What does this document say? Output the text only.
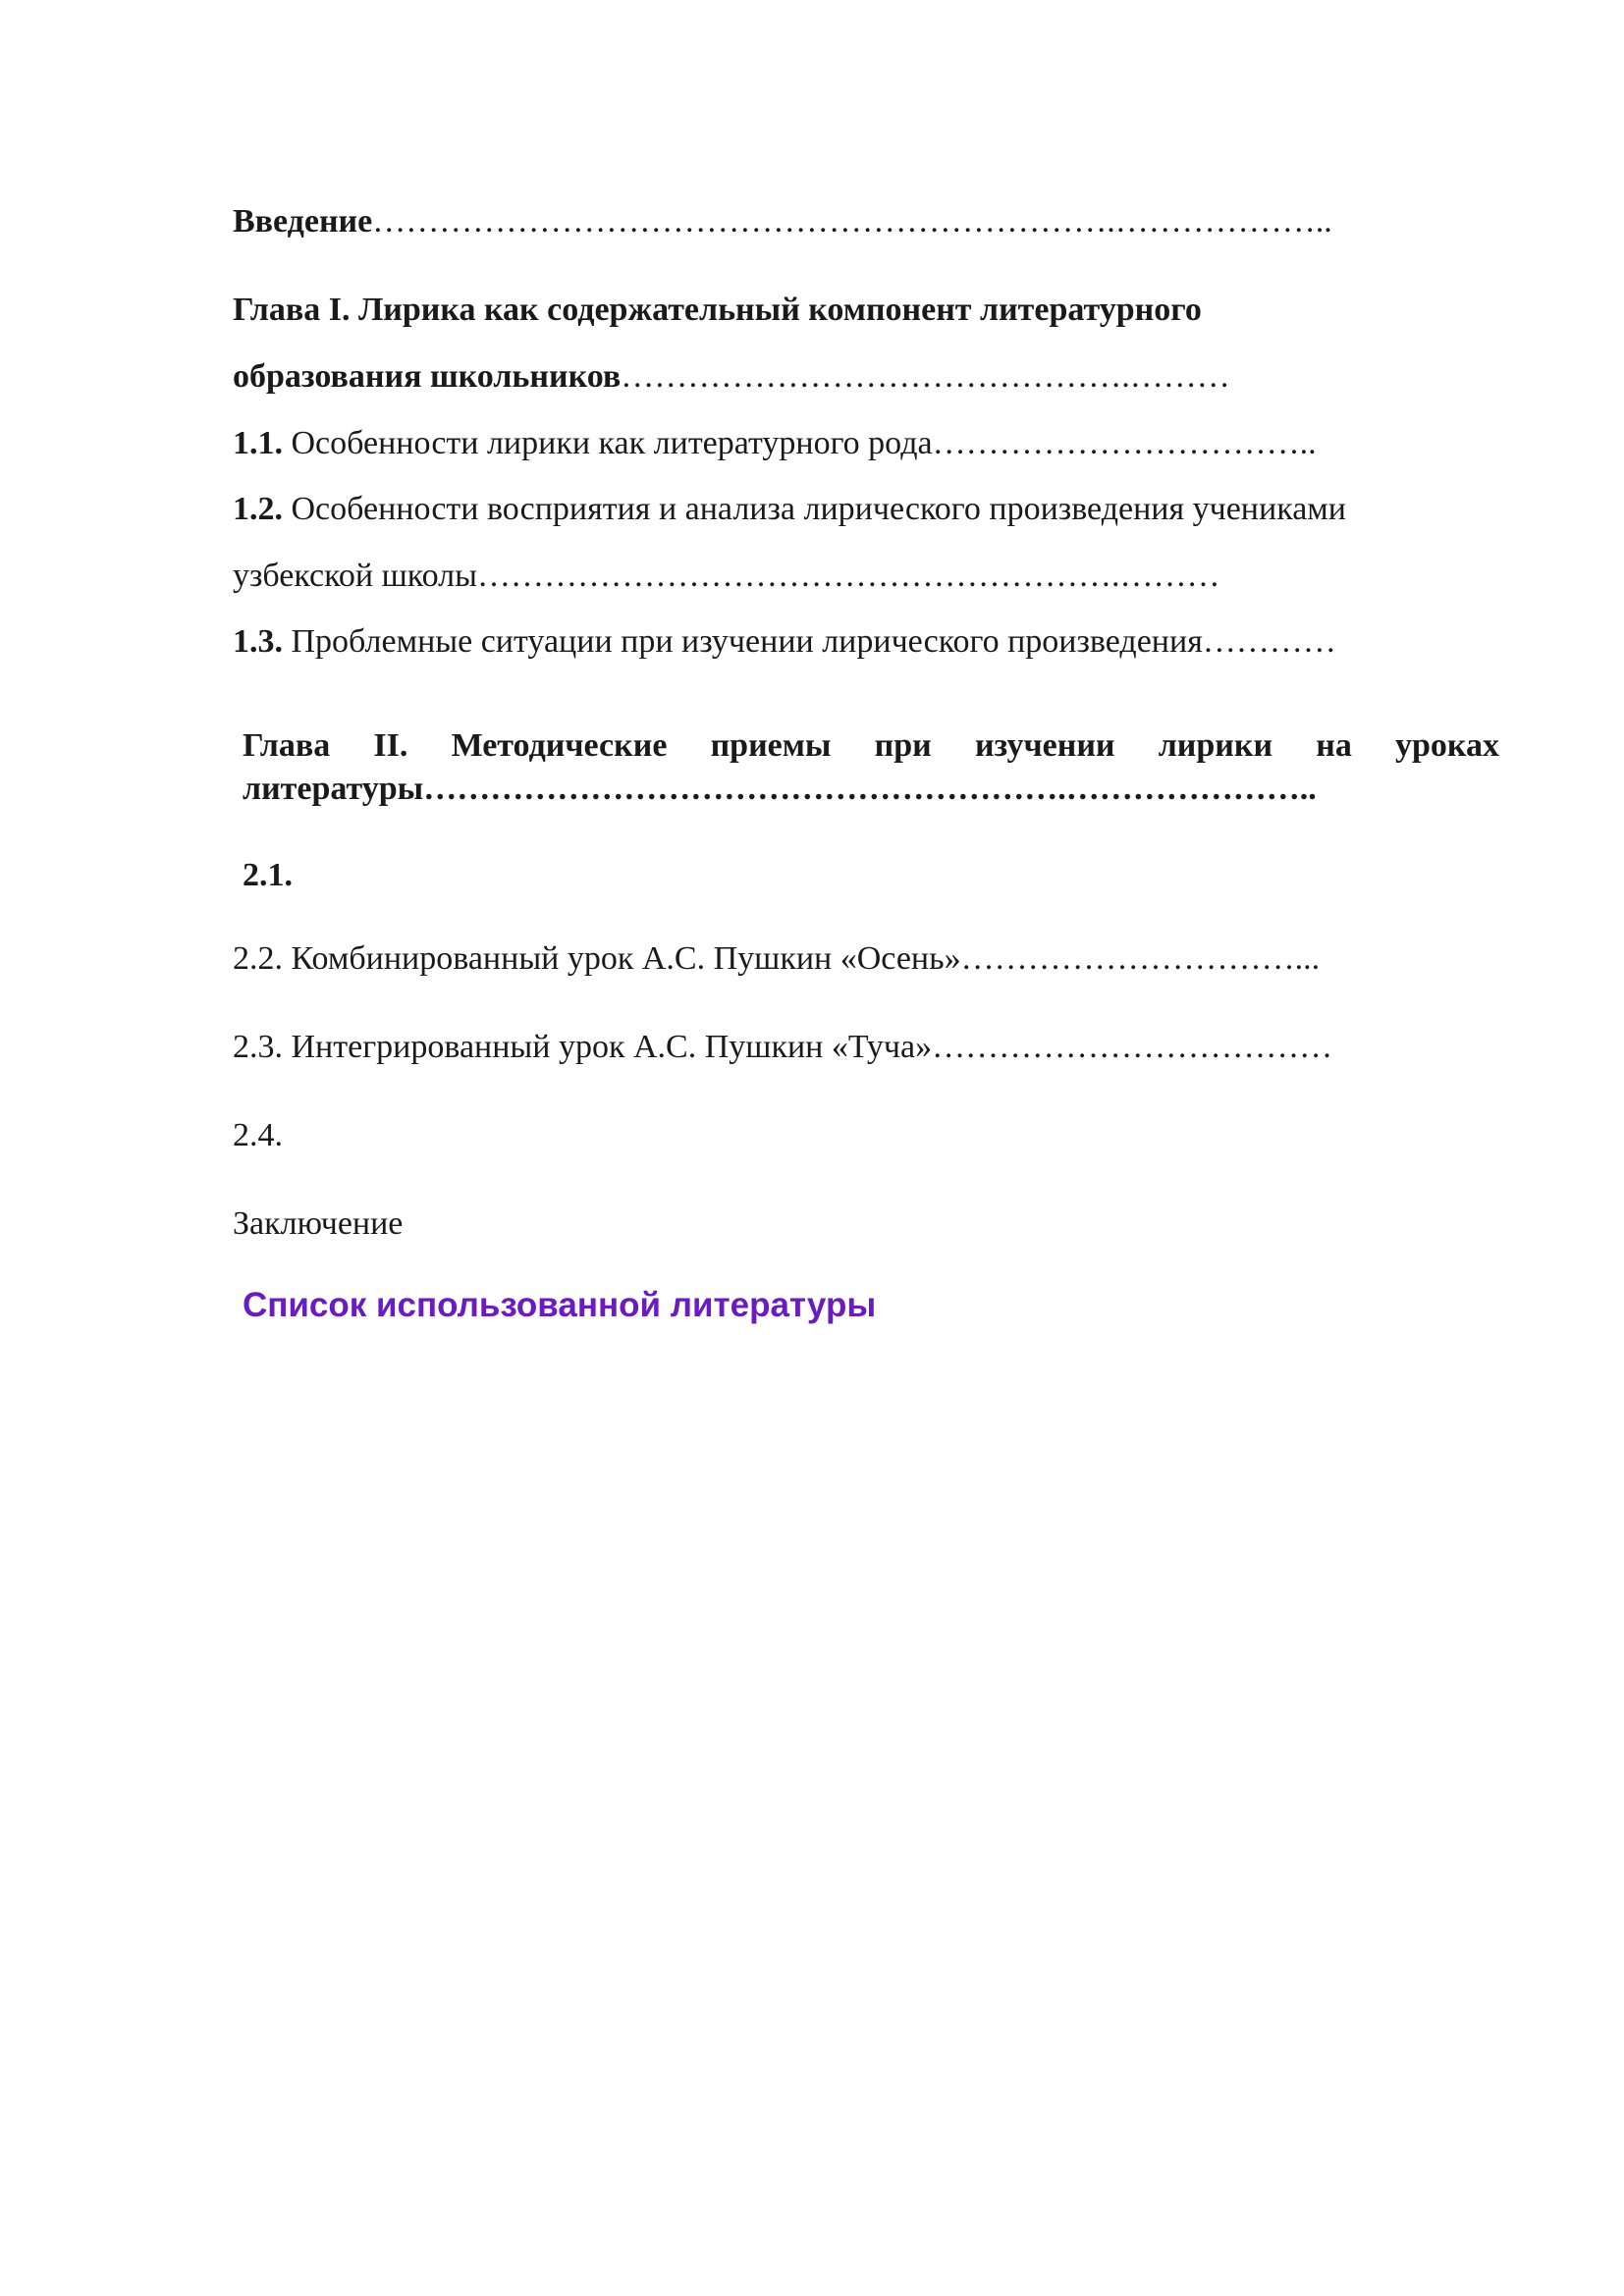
Введение………………………………………………………….………………..
Глава I. Лирика как содержательный компонент литературного
образования школьников……………………………………….………
1.1. Особенности лирики как литературного рода……………………………..
1.2. Особенности восприятия и анализа лирического произведения учениками
узбекской школы………………………………………………….………
1.3. Проблемные ситуации при изучении лирического произведения…………
Глава II. Методические приемы при изучении лирики на уроках литературы………………………………………………….…………………..
2.1.
2.2. Комбинированный урок А.С. Пушкин «Осень»…………………………...
2.3. Интегрированный урок А.С. Пушкин «Туча»………………………………
2.4.
Заключение
Список использованной литературы
